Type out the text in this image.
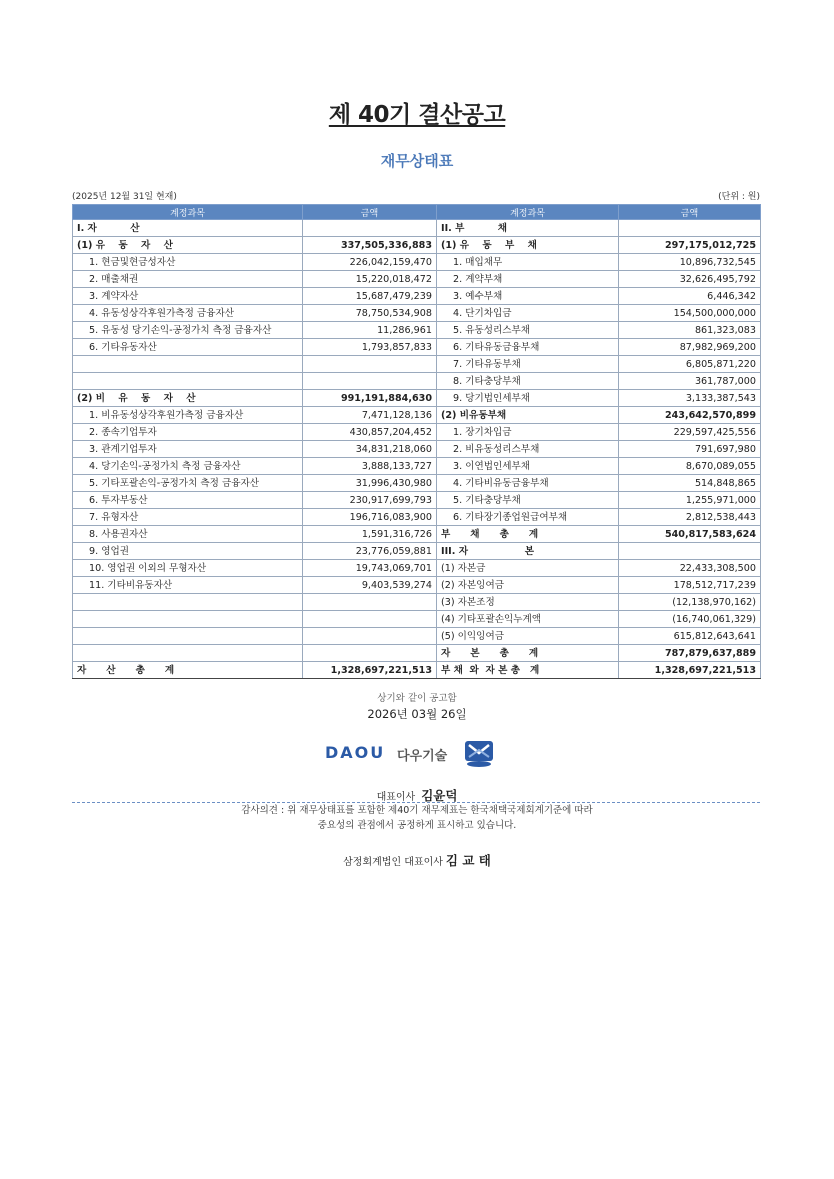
제 40기 결산공고
재무상태표
(2025년 12월 31일 현재)	(단위 : 원)
계정과목	금액	계정과목	금액
I. 자          산		II. 부          채	
(1) 유    동    자    산	337,505,336,883	(1) 유    동    부    채	297,175,012,725
1. 현금및현금성자산	226,042,159,470	1. 매입채무	10,896,732,545
2. 매출채권	15,220,018,472	2. 계약부채	32,626,495,792
3. 계약자산	15,687,479,239	3. 예수부채	6,446,342
4. 유동성상각후원가측정 금융자산	78,750,534,908	4. 단기차입금	154,500,000,000
5. 유동성 당기손익-공정가치 측정 금융자산	11,286,961	5. 유동성리스부채	861,323,083
6. 기타유동자산	1,793,857,833	6. 기타유동금융부채	87,982,969,200
		7. 기타유동부채	6,805,871,220
		8. 기타충당부채	361,787,000
(2) 비    유    동    자    산	991,191,884,630	9. 당기법인세부채	3,133,387,543
1. 비유동성상각후원가측정 금융자산	7,471,128,136	(2) 비유동부채	243,642,570,899
2. 종속기업투자	430,857,204,452	1. 장기차입금	229,597,425,556
3. 관계기업투자	34,831,218,060	2. 비유동성리스부채	791,697,980
4. 당기손익-공정가치 측정 금융자산	3,888,133,727	3. 이연법인세부채	8,670,089,055
5. 기타포괄손익-공정가치 측정 금융자산	31,996,430,980	4. 기타비유동금융부채	514,848,865
6. 투자부동산	230,917,699,793	5. 기타충당부채	1,255,971,000
7. 유형자산	196,716,083,900	6. 기타장기종업원급여부채	2,812,538,443
8. 사용권자산	1,591,316,726	부      채      총      계	540,817,583,624
9. 영업권	23,776,059,881	III. 자                 본	
10. 영업권 이외의 무형자산	19,743,069,701	(1) 자본금	22,433,308,500
11. 기타비유동자산	9,403,539,274	(2) 자본잉여금	178,512,717,239
		(3) 자본조정	(12,138,970,162)
		(4) 기타포괄손익누계액	(16,740,061,329)
		(5) 이익잉여금	615,812,643,641
		자      본      총      계	787,879,637,889
자      산      총      계	1,328,697,221,513	부 채  와  자 본 총   계	1,328,697,221,513
상기와 같이 공고함
2026년 03월 26일
DAOU 다우기술
대표이사 김윤덕
감사의견 : 위 재무상태표를 포함한 제40기 재무제표는 한국채택국제회계기준에 따라
중요성의 관점에서 공정하게 표시하고 있습니다.
삼정회계법인 대표이사 김 교 태
